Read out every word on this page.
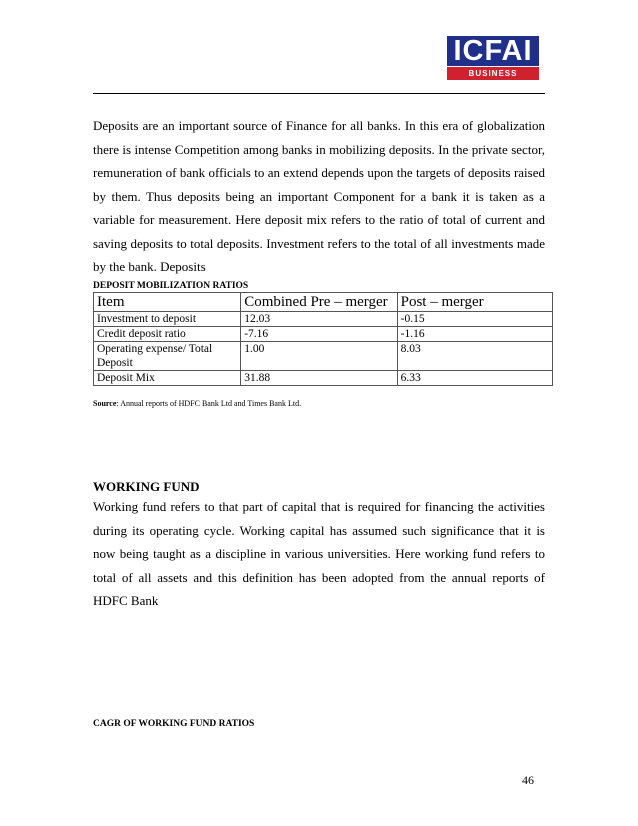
ICFAI
BUSINESS SCHOOL

Deposits are an important source of Finance for all banks. In this era of globalization there is intense Competition among banks in mobilizing deposits. In the private sector, remuneration of bank officials to an extend depends upon the targets of deposits raised by them. Thus deposits being an important Component for a bank it is taken as a variable for measurement. Here deposit mix refers to the ratio of total of current and saving deposits to total deposits. Investment refers to the total of all investments made by the bank. Deposits

DEPOSIT MOBILIZATION RATIOS
Item	Combined Pre – merger	Post – merger
Investment to deposit	12.03	-0.15
Credit deposit ratio	-7.16	-1.16
Operating expense/ Total Deposit	1.00	8.03
Deposit Mix	31.88	6.33
Source: Annual reports of HDFC Bank Ltd and Times Bank Ltd.
WORKING FUND

Working fund refers to that part of capital that is required for financing the activities during its operating cycle. Working capital has assumed such significance that it is now being taught as a discipline in various universities. Here working fund refers to total of all assets and this definition has been adopted from the annual reports of HDFC Bank

CAGR OF WORKING FUND RATIOS
46
